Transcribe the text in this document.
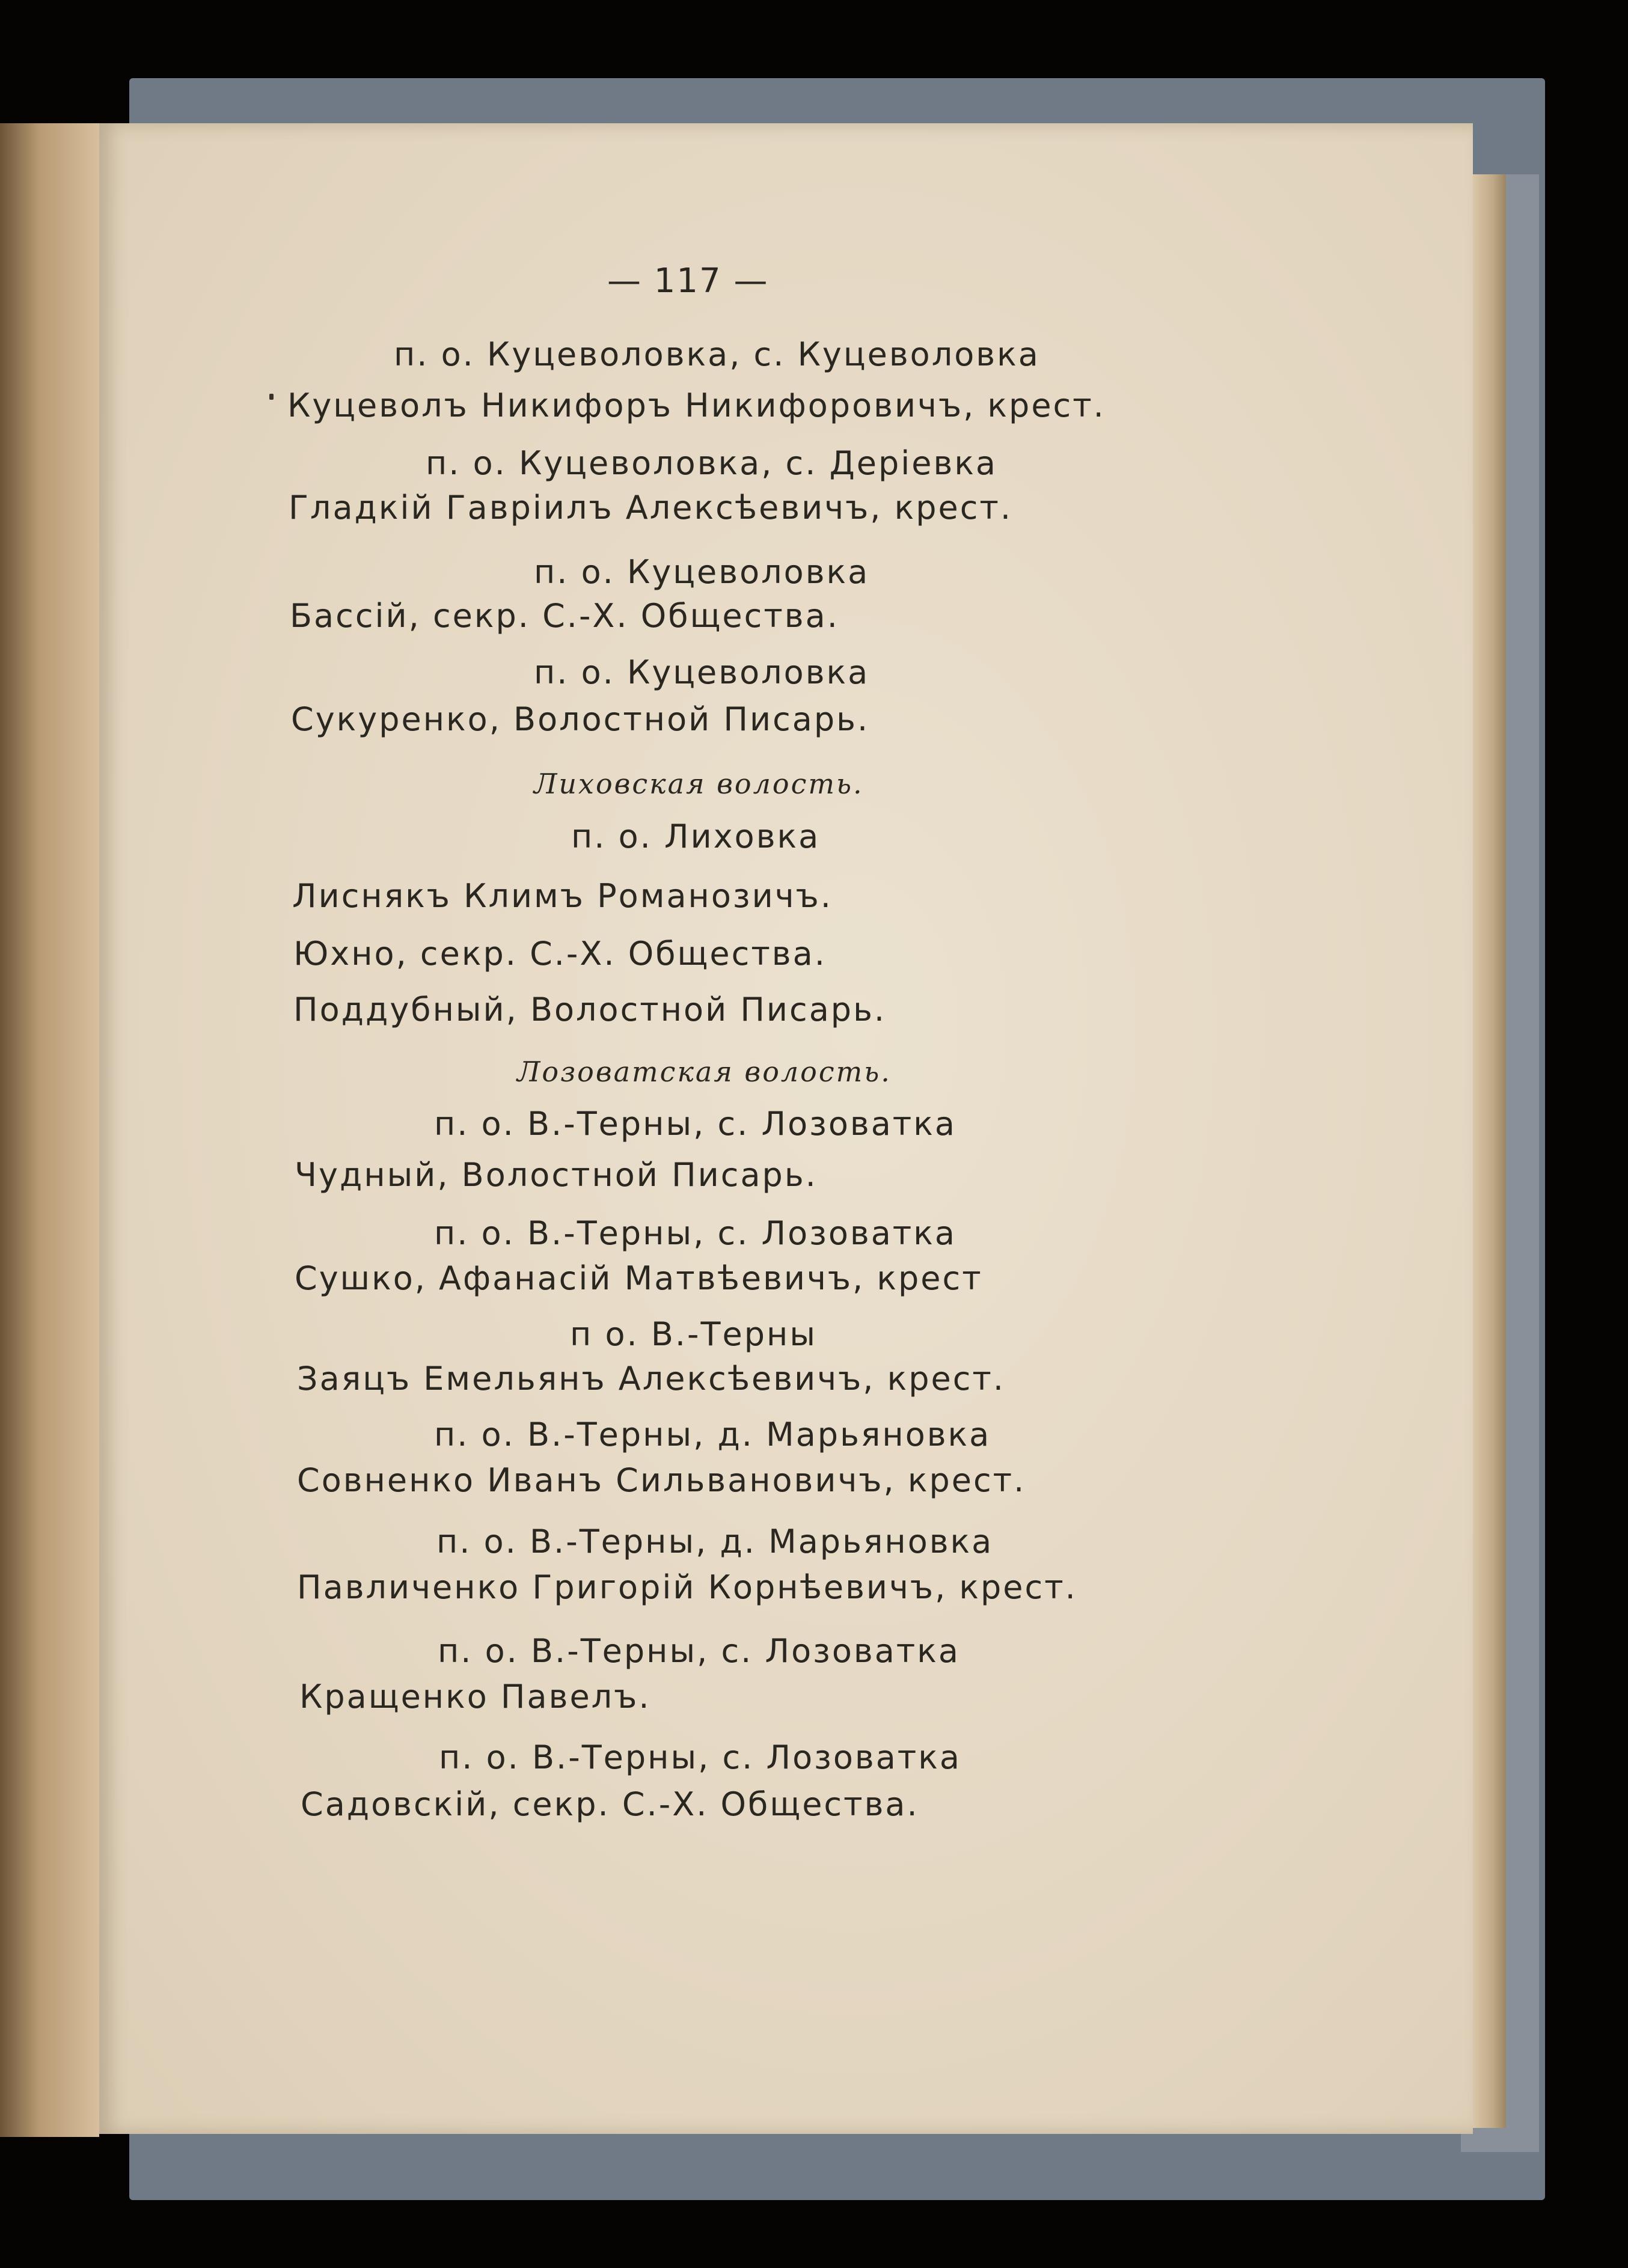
— 117 —
п. о. Куцеволовка, с. Куцеволовка
Куцеволъ Никифоръ Никифоровичъ, крест.
п. о. Куцеволовка, с. Деріевка
Гладкій Гавріилъ Алексѣевичъ, крест.
п. о. Куцеволовка
Бассій, секр. С.-Х. Общества.
п. о. Куцеволовка
Сукуренко, Волостной Писарь.
Лиховская волость.
п. о. Лиховка
Лиснякъ Климъ Романозичъ.
Юхно, секр. С.-Х. Общества.
Поддубный, Волостной Писарь.
Лозоватская волость.
п. о. В.-Терны, с. Лозоватка
Чудный, Волостной Писарь.
п. о. В.-Терны, с. Лозоватка
Сушко, Афанасій Матвѣевичъ, крест
п о. В.-Терны
Заяцъ Емельянъ Алексѣевичъ, крест.
п. о. В.-Терны, д. Марьяновка
Совненко Иванъ Сильвановичъ, крест.
п. о. В.-Терны, д. Марьяновка
Павличенко Григорій Корнѣевичъ, крест.
п. о. В.-Терны, с. Лозоватка
Кращенко Павелъ.
п. о. В.-Терны, с. Лозоватка
Садовскій, секр. С.-Х. Общества.
